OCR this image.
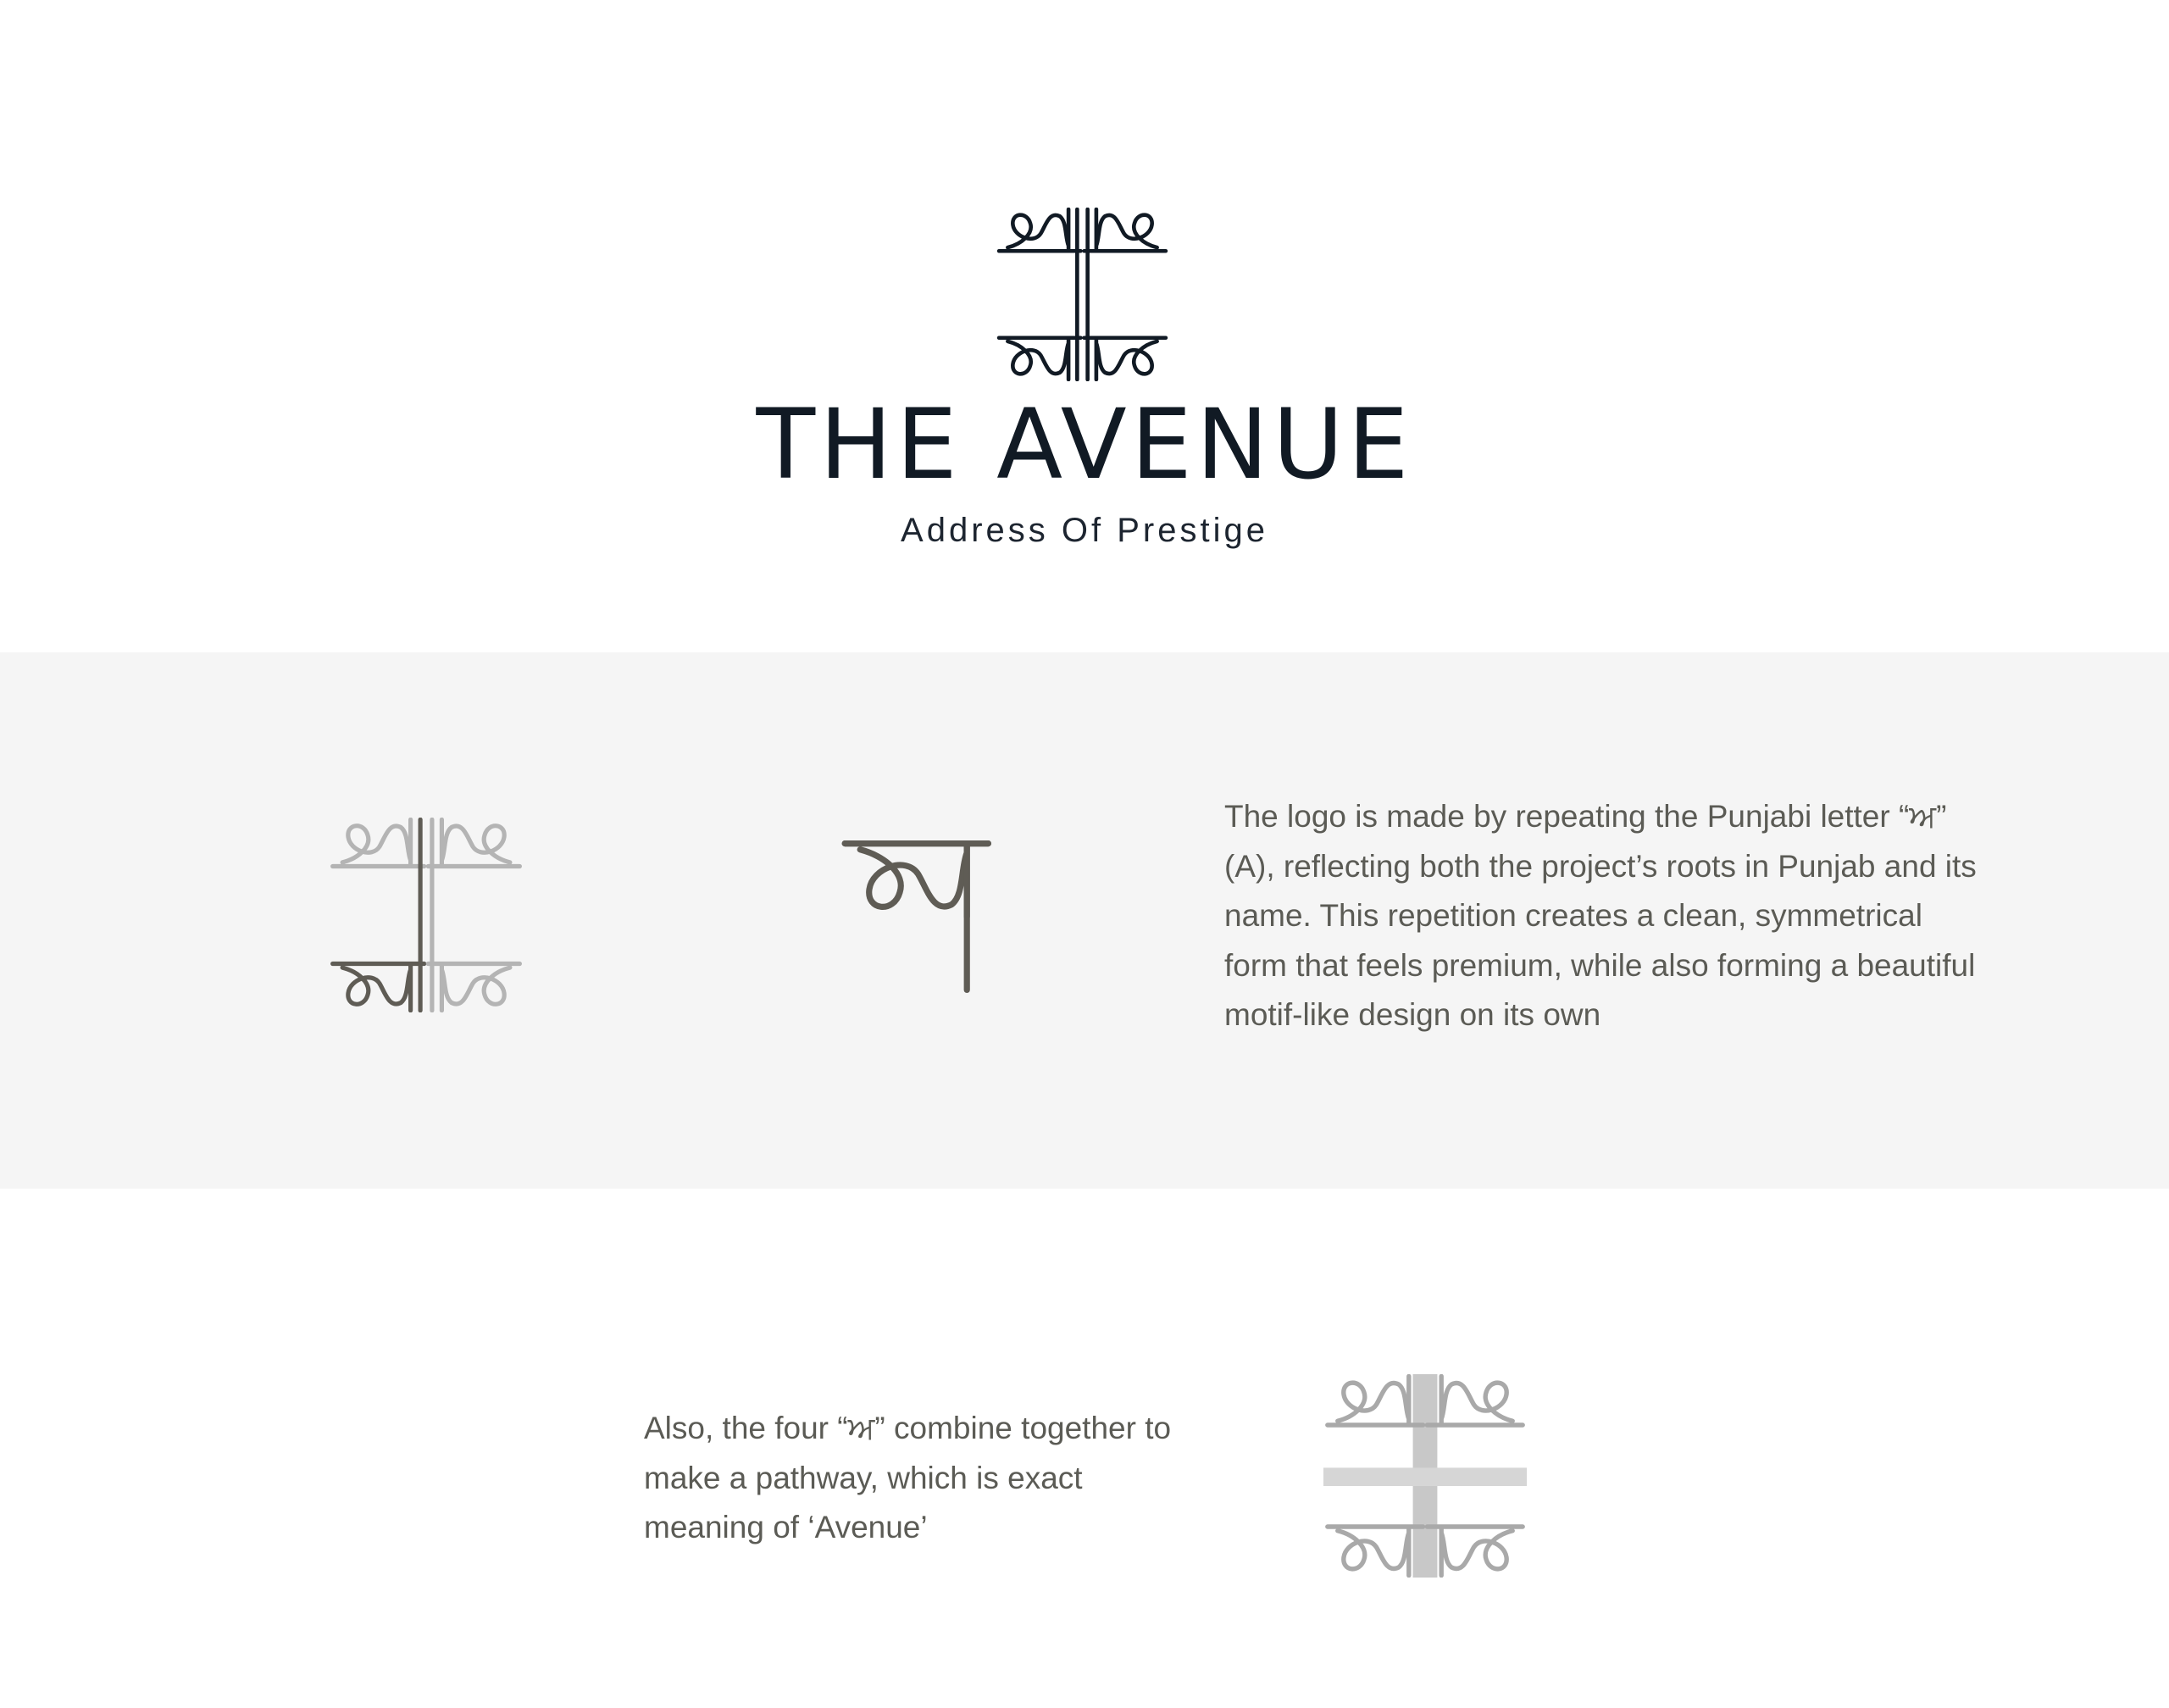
THE AVENUE
Address Of Prestige

The logo is made by repeating the Punjabi letter “ਅ” (A), reflecting both the project’s roots in Punjab and its name. This repetition creates a clean, symmetrical form that feels premium, while also forming a beautiful motif-like design on its own

Also, the four “ਅ” combine together to make a pathway, which is exact meaning of ‘Avenue’
